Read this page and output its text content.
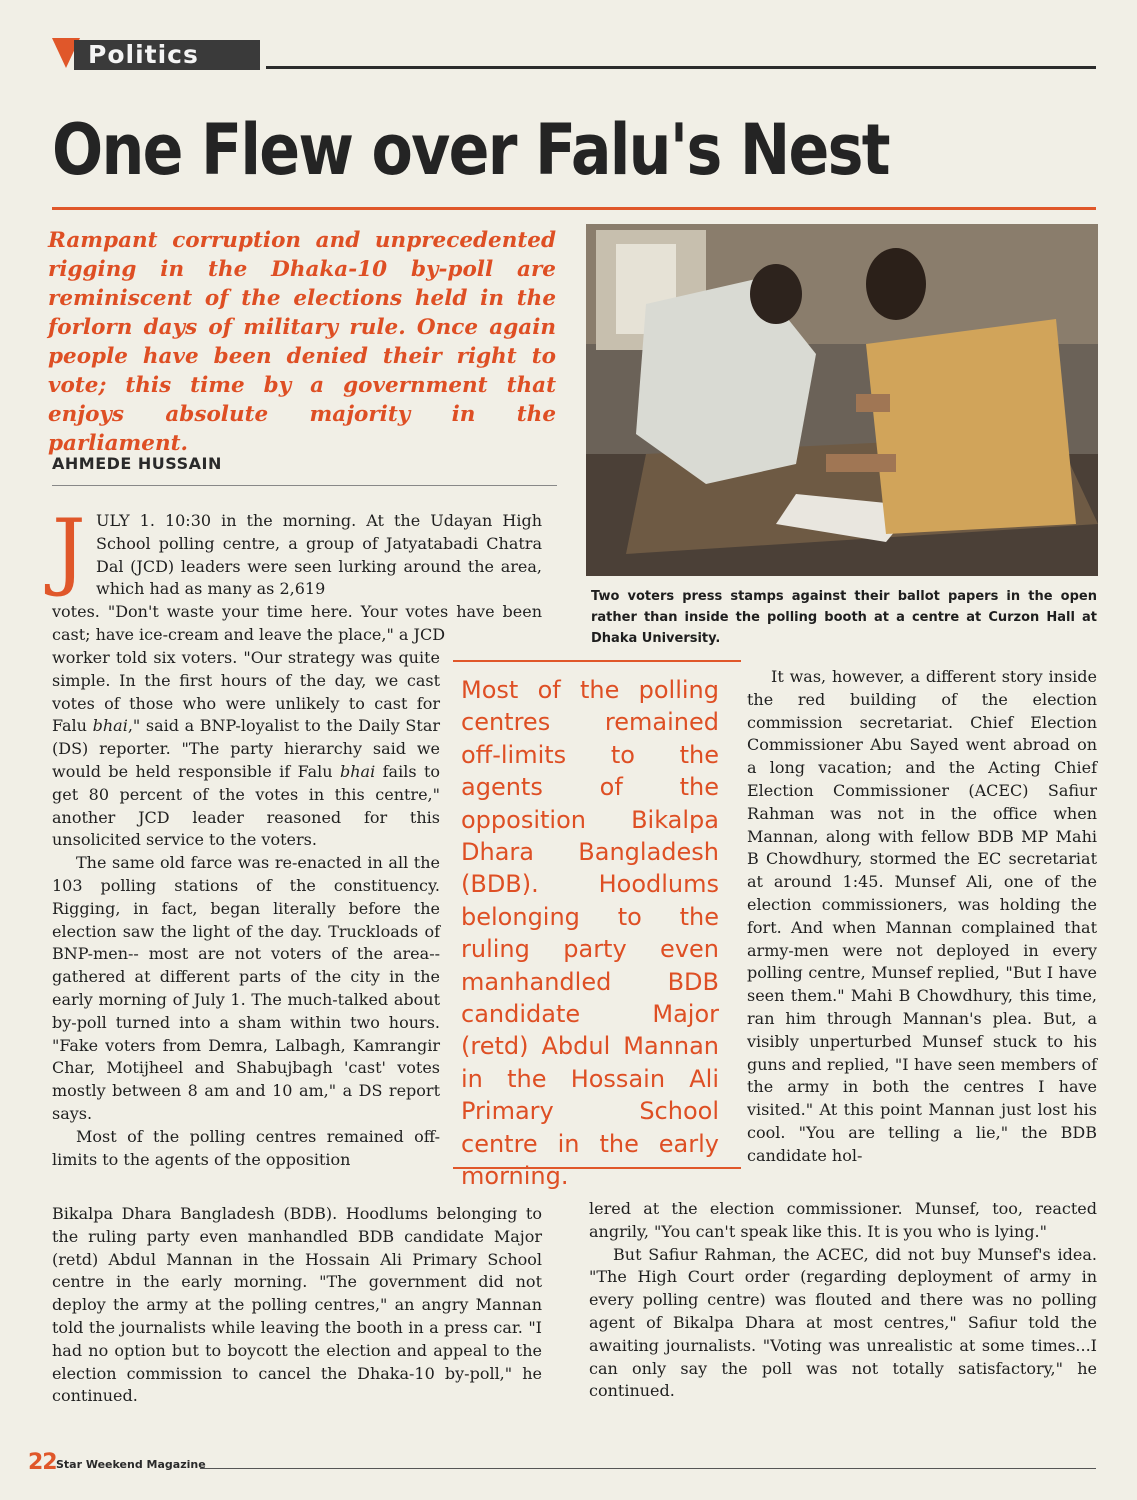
Politics
One Flew over Falu's Nest
Rampant corruption and unprecedented rigging in the Dhaka-10 by-poll are reminiscent of the elections held in the forlorn days of military rule. Once again people have been denied their right to vote; this time by a government that enjoys absolute majority in the parliament.
AHMEDE HUSSAIN
Two voters press stamps against their ballot papers in the open rather than inside the polling booth at a centre at Curzon Hall at Dhaka University.
J ULY 1. 10:30 in the morning. At the Udayan High School polling centre, a group of Jatyatabadi Chatra Dal (JCD) leaders were seen lurking around the area, which had as many as 2,619
votes. "Don't waste your time here. Your votes have been cast; have ice-cream and leave the place," a JCD

worker told six voters. "Our strategy was quite simple. In the first hours of the day, we cast votes of those who were unlikely to cast for Falu bhai," said a BNP-loyalist to the Daily Star (DS) reporter. "The party hierarchy said we would be held responsible if Falu bhai fails to get 80 percent of the votes in this centre," another JCD leader reasoned for this unsolicited service to the voters.

The same old farce was re-enacted in all the 103 polling stations of the constituency. Rigging, in fact, began literally before the election saw the light of the day. Truckloads of BNP-men-- most are not voters of the area-- gathered at different parts of the city in the early morning of July 1. The much-talked about by-poll turned into a sham within two hours. "Fake voters from Demra, Lalbagh, Kamrangir Char, Motijheel and Shabujbagh 'cast' votes mostly between 8 am and 10 am," a DS report says.

Most of the polling centres remained off-limits to the agents of the opposition

Bikalpa Dhara Bangladesh (BDB). Hoodlums belonging to the ruling party even manhandled BDB candidate Major (retd) Abdul Mannan in the Hossain Ali Primary School centre in the early morning. "The government did not deploy the army at the polling centres," an angry Mannan told the journalists while leaving the booth in a press car. "I had no option but to boycott the election and appeal to the election commission to cancel the Dhaka-10 by-poll," he continued.
Most of the polling centres remained off-limits to the agents of the opposition Bikalpa Dhara Bangladesh (BDB). Hoodlums belonging to the ruling party even manhandled BDB candidate Major (retd) Abdul Mannan in the Hossain Ali Primary School centre in the early morning.

It was, however, a different story inside the red building of the election commission secretariat. Chief Election Commissioner Abu Sayed went abroad on a long vacation; and the Acting Chief Election Commissioner (ACEC) Safiur Rahman was not in the office when Mannan, along with fellow BDB MP Mahi B Chowdhury, stormed the EC secretariat at around 1:45. Munsef Ali, one of the election commissioners, was holding the fort. And when Mannan complained that army-men were not deployed in every polling centre, Munsef replied, "But I have seen them." Mahi B Chowdhury, this time, ran him through Mannan's plea. But, a visibly unperturbed Munsef stuck to his guns and replied, "I have seen members of the army in both the centres I have visited." At this point Mannan just lost his cool. "You are telling a lie," the BDB candidate hol-

lered at the election commissioner. Munsef, too, reacted angrily, "You can't speak like this. It is you who is lying."

But Safiur Rahman, the ACEC, did not buy Munsef's idea. "The High Court order (regarding deployment of army in every polling centre) was flouted and there was no polling agent of Bikalpa Dhara at most centres," Safiur told the awaiting journalists. "Voting was unrealistic at some times...I can only say the poll was not totally satisfactory," he continued.

22 Star Weekend Magazine
